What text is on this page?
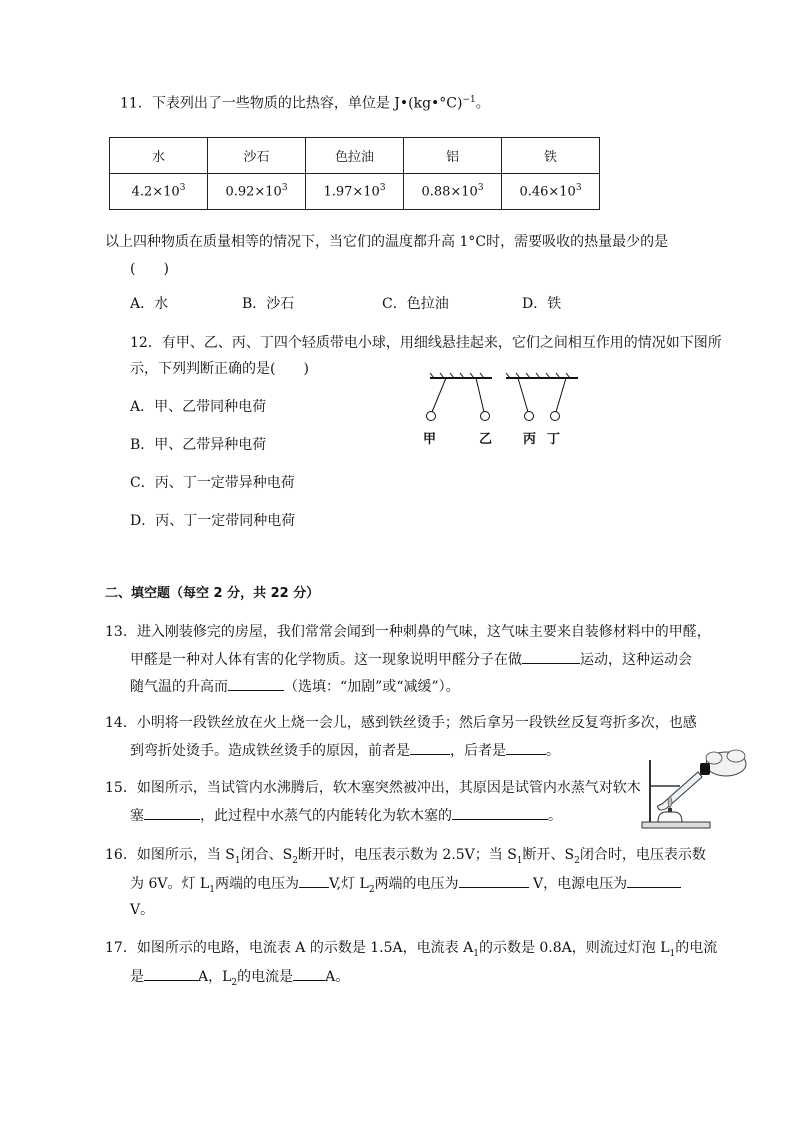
11．下表列出了一些物质的比热容，单位是 J•(kg•°C)$^{-1}$。
水	沙石	色拉油	铝	铁
$4.2\times 10^3$	$0.92\times 10^3$	$1.97\times 10^3$	$0.88\times 10^3$	$0.46\times 10^3$
以上四种物质在质量相等的情况下，当它们的温度都升高 1°C时，需要吸收的热量最少的是
(　　)
A．水	B．沙石	C．色拉油	D．铁
12．有甲、乙、丙、丁四个轻质带电小球，用细线悬挂起来，它们之间相互作用的情况如下图所
示，下列判断正确的是(　　)
A．甲、乙带同种电荷
B．甲、乙带异种电荷
C．丙、丁一定带异种电荷
D．丙、丁一定带同种电荷
甲	乙 丙 丁
二、填空题（每空 2 分，共 22 分）
13．进入刚装修完的房屋，我们常常会闻到一种刺鼻的气味，这气味主要来自装修材料中的甲醛，
甲醛是一种对人体有害的化学物质。这一现象说明甲醛分子在做	运动，这种运动会
随气温的升高而	（选填：“加剧”或“减缓”）。
14．小明将一段铁丝放在火上烧一会儿，感到铁丝烫手；然后拿另一段铁丝反复弯折多次，也感
到弯折处烫手。造成铁丝烫手的原因，前者是	，后者是	。
15．如图所示，当试管内水沸腾后，软木塞突然被冲出，其原因是试管内水蒸气对软木
塞	，此过程中水蒸气的内能转化为软木塞的	。
16．如图所示，当 $S_1$闭合、$S_2$断开时，电压表示数为 2.5V；当 $S_1$断开、$S_2$闭合时，电压表示数
为 6V。灯 $L_1$两端的电压为 V,灯 $L_2$两端的电压为	V，电源电压为
V。
17．如图所示的电路，电流表 A 的示数是 1.5A，电流表 $A_1$的示数是 0.8A，则流过灯泡 $L_1$的电流
是	A，$L_2$的电流是 A。
